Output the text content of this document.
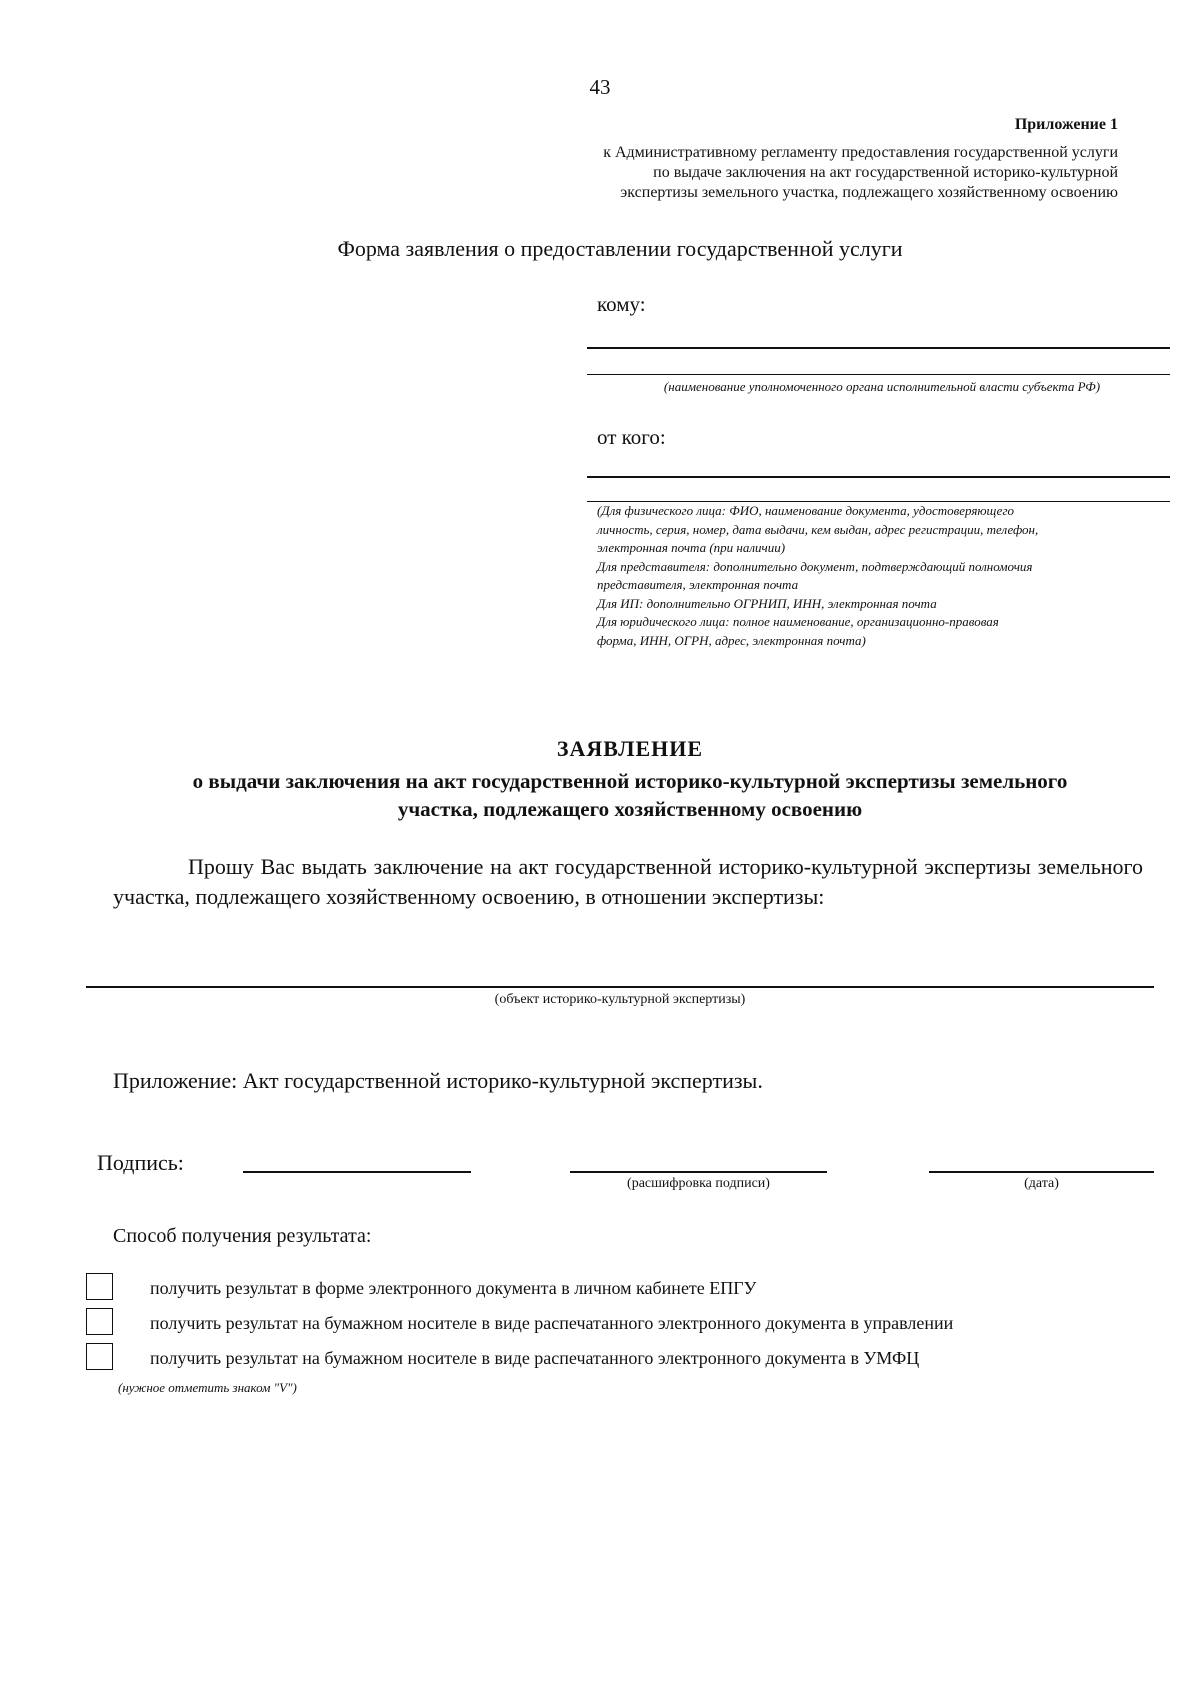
43
Приложение 1
к Административному регламенту предоставления государственной услуги
по выдаче заключения на акт государственной историко-культурной
экспертизы земельного участка, подлежащего хозяйственному освоению
Форма заявления о предоставлении государственной услуги
кому:
(наименование уполномоченного органа исполнительной власти субъекта РФ)
от кого:
(Для физического лица: ФИО, наименование документа, удостоверяющего
личность, серия, номер, дата выдачи, кем выдан, адрес регистрации, телефон,
электронная почта (при наличии)
Для представителя: дополнительно документ, подтверждающий полномочия
представителя, электронная почта
Для ИП: дополнительно ОГРНИП, ИНН, электронная почта
Для юридического лица: полное наименование, организационно-правовая
форма, ИНН, ОГРН, адрес, электронная почта)
ЗАЯВЛЕНИЕ
о выдачи заключения на акт государственной историко-культурной экспертизы земельного
участка, подлежащего хозяйственному освоению
Прошу Вас выдать заключение на акт государственной историко-культурной экспертизы земельного участка, подлежащего хозяйственному освоению, в отношении экспертизы:
(объект историко-культурной экспертизы)
Приложение: Акт государственной историко-культурной экспертизы.
Подпись:
(расшифровка подписи)	(дата)
Способ получения результата:
получить результат в форме электронного документа в личном кабинете ЕПГУ
получить результат на бумажном носителе в виде распечатанного электронного документа в управлении
получить результат на бумажном носителе в виде распечатанного электронного документа в УМФЦ
(нужное отметить знаком "V")
